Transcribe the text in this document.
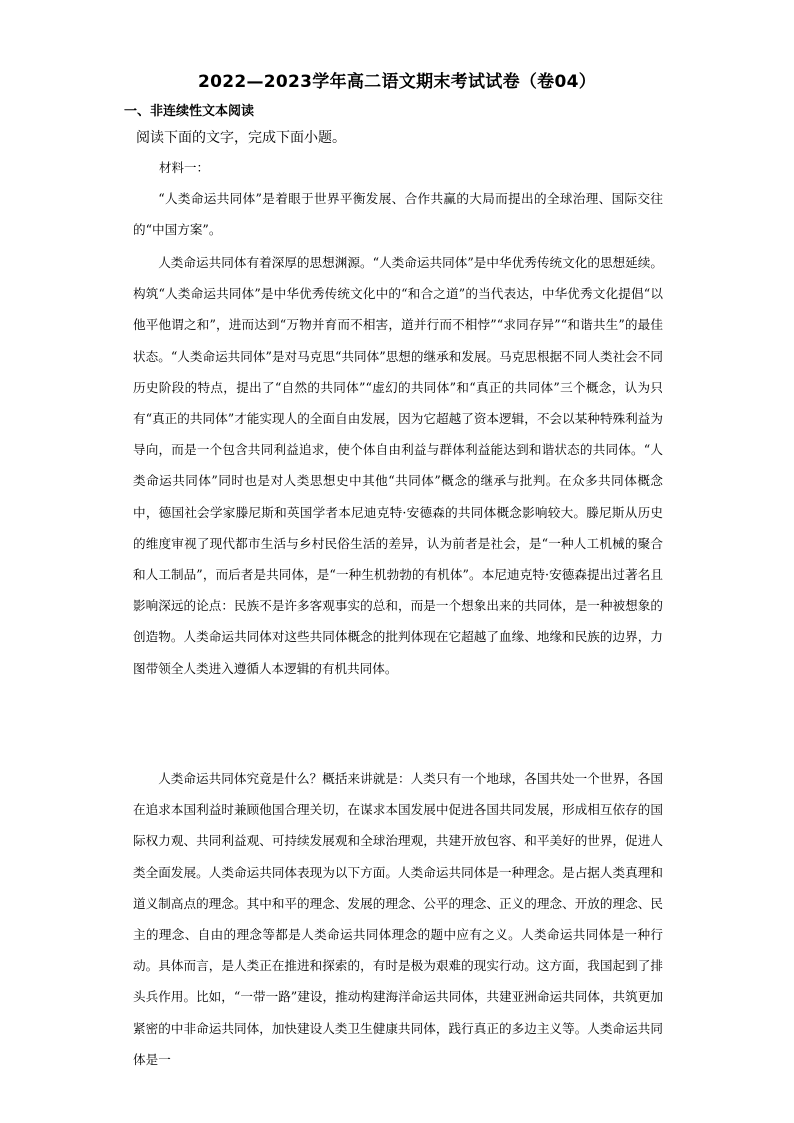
2022—2023学年高二语文期末考试试卷（卷04）
一、非连续性文本阅读
阅读下面的文字，完成下面小题。
材料一：

“人类命运共同体”是着眼于世界平衡发展、合作共赢的大局而提出的全球治理、国际交往的“中国方案”。

人类命运共同体有着深厚的思想渊源。“人类命运共同体”是中华优秀传统文化的思想延续。构筑“人类命运共同体”是中华优秀传统文化中的“和合之道”的当代表达，中华优秀文化提倡“以他平他谓之和”，进而达到“万物并育而不相害，道并行而不相悖”“求同存异”“和谐共生”的最佳状态。“人类命运共同体”是对马克思“共同体”思想的继承和发展。马克思根据不同人类社会不同历史阶段的特点，提出了“自然的共同体”“虚幻的共同体”和“真正的共同体”三个概念，认为只有“真正的共同体”才能实现人的全面自由发展，因为它超越了资本逻辑，不会以某种特殊利益为导向，而是一个包含共同利益追求，使个体自由利益与群体利益能达到和谐状态的共同体。“人类命运共同体”同时也是对人类思想史中其他“共同体”概念的继承与批判。在众多共同体概念中，德国社会学家滕尼斯和英国学者本尼迪克特·安德森的共同体概念影响较大。滕尼斯从历史的维度审视了现代都市生活与乡村民俗生活的差异，认为前者是社会，是“一种人工机械的聚合和人工制品”，而后者是共同体，是“一种生机勃勃的有机体”。本尼迪克特·安德森提出过著名且影响深远的论点：民族不是许多客观事实的总和，而是一个想象出来的共同体，是一种被想象的创造物。人类命运共同体对这些共同体概念的批判体现在它超越了血缘、地缘和民族的边界，力图带领全人类进入遵循人本逻辑的有机共同体。

人类命运共同体究竟是什么？概括来讲就是：人类只有一个地球，各国共处一个世界，各国在追求本国利益时兼顾他国合理关切，在谋求本国发展中促进各国共同发展，形成相互依存的国际权力观、共同利益观、可持续发展观和全球治理观，共建开放包容、和平美好的世界，促进人类全面发展。人类命运共同体表现为以下方面。人类命运共同体是一种理念。是占据人类真理和道义制高点的理念。其中和平的理念、发展的理念、公平的理念、正义的理念、开放的理念、民主的理念、自由的理念等都是人类命运共同体理念的题中应有之义。人类命运共同体是一种行动。具体而言，是人类正在推进和探索的，有时是极为艰难的现实行动。这方面，我国起到了排头兵作用。比如，“一带一路”建设，推动构建海洋命运共同体，共建亚洲命运共同体，共筑更加紧密的中非命运共同体，加快建设人类卫生健康共同体，践行真正的多边主义等。人类命运共同体是一
